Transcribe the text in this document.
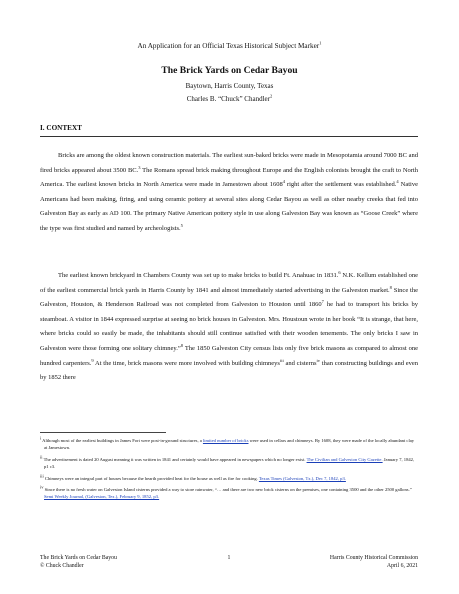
An Application for an Official Texas Historical Subject Marker$^1$
The Brick Yards on Cedar Bayou
Baytown, Harris County, Texas
Charles B. “Chuck” Chandler$^2$
I. CONTEXT

Bricks are among the oldest known construction materials. The earliest sun-baked bricks were made in Mesopotamia around 7000 BC and fired bricks appeared about 3500 BC.$^3$ The Romans spread brick making throughout Europe and the English colonists brought the craft to North America. The earliest known bricks in North America were made in Jamestown about 1608$^4$ right after the settlement was established.$^4$ Native Americans had been making, firing, and using ceramic pottery at several sites along Cedar Bayou as well as other nearby creeks that fed into Galveston Bay as early as AD 100. The primary Native American pottery style in use along Galveston Bay was known as “Goose Creek” where the type was first studied and named by archeologists.$^5$

The earliest known brickyard in Chambers County was set up to make bricks to build Ft. Anahuac in 1831.$^6$ N.K. Kellum established one of the earliest commercial brick yards in Harris County by 1841 and almost immediately started advertising in the Galveston market.$^8$ Since the Galveston, Houston, & Henderson Railroad was not completed from Galveston to Houston until 1860$^7$ he had to transport his bricks by steamboat. A visitor in 1844 expressed surprise at seeing no brick houses in Galveston. Mrs. Houstoun wrote in her book “It is strange, that here, where bricks could so easily be made, the inhabitants should still continue satisfied with their wooden tenements. The only bricks I saw in Galveston were those forming one solitary chimney.”$^8$ The 1850 Galveston City census lists only five brick masons as compared to almost one hundred carpenters.$^9$ At the time, brick masons were more involved with building chimneys$^{iii}$ and cisterns$^{iv}$ than constructing buildings and even by 1852 there

$^i$ Although most of the earliest buildings in James Fort were post-in-ground structures, a limited number of bricks were used in cellars and chimneys. By 1608, they were made of the locally abundant clay at Jamestown.

$^{ii}$ The advertisement is dated 20 August meaning it was written in 1841 and certainly would have appeared in newspapers which no longer exist. The Civilian and Galveston City Gazette. January 7, 1842, p1 c3.

$^{iii}$ Chimneys were an integral part of houses because the hearth provided heat for the house as well as fire for cooking. Texas Times (Galveston, Tx.), Dec 7, 1842, p3.

$^{iv}$ Since there is no fresh water on Galveston Island cisterns provided a way to store rainwater, “… and there are two new brick cisterns on the premises, one containing 3500 and the other 2500 gallons.” Semi Weekly Journal, (Galveston, Tex.), February 9, 1852, p3.

The Brick Yards on Cedar Bayou
© Chuck Chandler
1	Harris County Historical Commission
April 6, 2021
